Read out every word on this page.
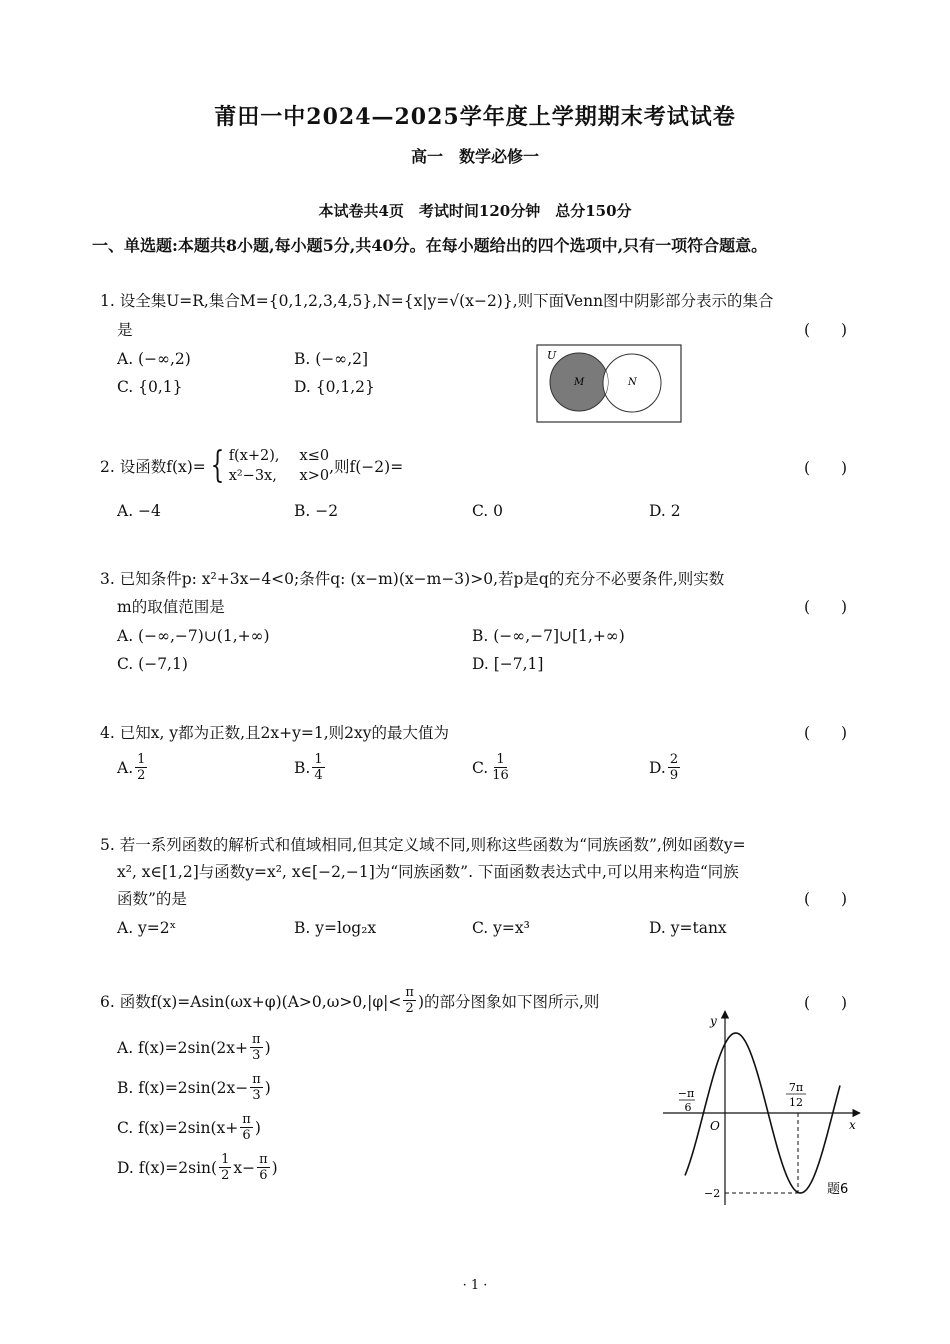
莆田一中2024—2025学年度上学期期末考试试卷
高一　数学必修一
本试卷共4页　考试时间120分钟　总分150分
一、单选题:本题共8小题,每小题5分,共40分。在每小题给出的四个选项中,只有一项符合题意。
1. 设全集U=R,集合M={0,1,2,3,4,5},N={x|y=√(x−2)},则下面Venn图中阴影部分表示的集合
是	(　　)
A. (−∞,2)	B. (−∞,2]
C. {0,1}	D. {0,1,2}
U
M	N
2. 设函数f(x)= { f(x+2), x≤0
x²−3x, x>0 ,则f(−2)=	(　　)
A. −4	B. −2	C. 0	D. 2
3. 已知条件p: x²+3x−4<0;条件q: (x−m)(x−m−3)>0,若p是q的充分不必要条件,则实数
m的取值范围是	(　　)
A. (−∞,−7)∪(1,+∞)	B. (−∞,−7]∪[1,+∞)
C. (−7,1)	D. [−7,1]
4. 已知x, y都为正数,且2x+y=1,则2xy的最大值为	(　　)
A. $\frac{1}{2}$	B. $\frac{1}{4}$	C. $\frac{1}{16}$	D. $\frac{2}{9}$
5. 若一系列函数的解析式和值域相同,但其定义域不同,则称这些函数为“同族函数”,例如函数y=
x², x∈[1,2]与函数y=x², x∈[−2,−1]为“同族函数”. 下面函数表达式中,可以用来构造“同族
函数”的是	(　　)
A. y=2ˣ	B. y=log₂x	C. y=x³	D. y=tanx
6. 函数$f(x)=Asin(\omega x+\varphi)(A>0,\omega>0,|\varphi|< \frac{\pi}{2}$ )的部分图象如下图所示,则	(　　)
A. $f(x)=2\sin(2x+ \frac{\pi}{3}$ )
B. $f(x)=2\sin(2x- \frac{\pi}{3}$ )
C. $f(x)=2\sin(x+ \frac{\pi}{6}$ )
D. $f(x)=2\sin( \frac{1}{2} x- \frac{\pi}{6}$ )
y
x
O
−π
6
7π
12
−2	题6
· 1 ·
